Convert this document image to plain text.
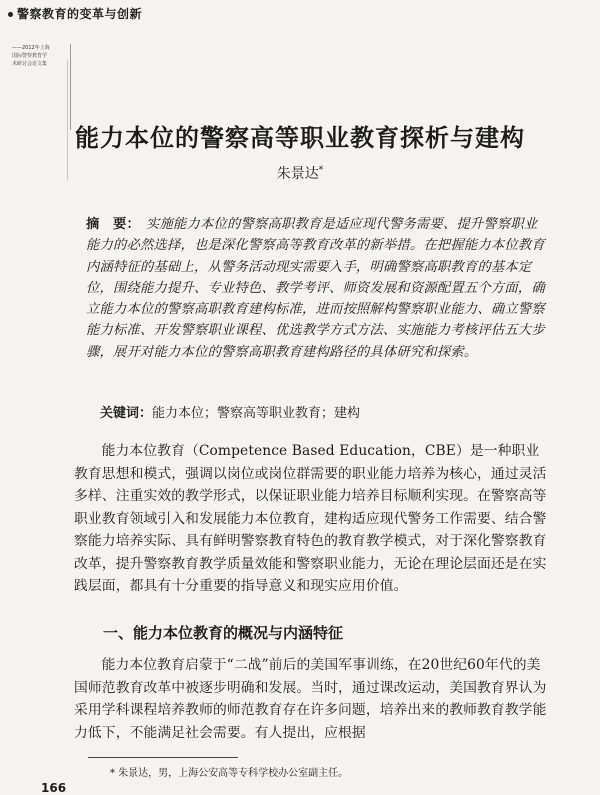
警察教育的变革与创新
——2012年上海
国际警察教育学
术研讨会论文集
能力本位的警察高等职业教育探析与建构
朱景达*
摘　要： 实施能力本位的警察高职教育是适应现代警务需要、提升警察职业能力的必然选择，也是深化警察高等教育改革的新举措。在把握能力本位教育内涵特征的基础上，从警务活动现实需要入手，明确警察高职教育的基本定位，围绕能力提升、专业特色、教学考评、师资发展和资源配置五个方面，确立能力本位的警察高职教育建构标准，进而按照解构警察职业能力、确立警察能力标准、开发警察职业课程、优选教学方式方法、实施能力考核评估五大步骤，展开对能力本位的警察高职教育建构路径的具体研究和探索。
关键词：能力本位；警察高等职业教育；建构
能力本位教育（Competence Based Education，CBE）是一种职业教育思想和模式，强调以岗位或岗位群需要的职业能力培养为核心，通过灵活多样、注重实效的教学形式，以保证职业能力培养目标顺利实现。在警察高等职业教育领域引入和发展能力本位教育，建构适应现代警务工作需要、结合警察能力培养实际、具有鲜明警察教育特色的教育教学模式，对于深化警察教育改革，提升警察教育教学质量效能和警察职业能力，无论在理论层面还是在实践层面，都具有十分重要的指导意义和现实应用价值。
一、能力本位教育的概况与内涵特征
能力本位教育启蒙于“二战”前后的美国军事训练，在20世纪60年代的美国师范教育改革中被逐步明确和发展。当时，通过课改运动，美国教育界认为采用学科课程培养教师的师范教育存在许多问题，培养出来的教师教育教学能力低下，不能满足社会需要。有人提出，应根据
* 朱景达，男，上海公安高等专科学校办公室副主任。
166
